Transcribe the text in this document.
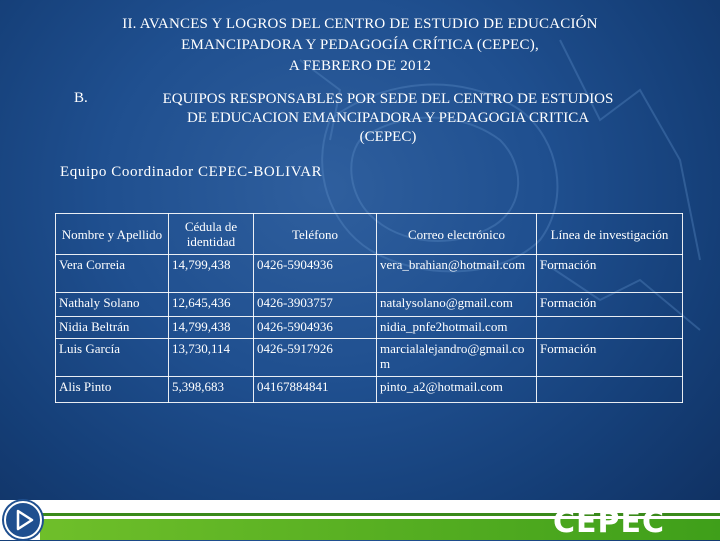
II. AVANCES Y LOGROS DEL CENTRO DE ESTUDIO DE EDUCACIÓN
EMANCIPADORA Y PEDAGOGÍA CRÍTICA (CEPEC),
A FEBRERO DE 2012
B.	EQUIPOS RESPONSABLES POR SEDE DEL CENTRO DE ESTUDIOS
DE EDUCACION EMANCIPADORA Y PEDAGOGIA CRITICA
(CEPEC)
Equipo Coordinador CEPEC-BOLIVAR
Nombre y Apellido	Cédula de identidad	Teléfono	Correo electrónico	Línea de investigación
Vera Correia	14,799,438	0426-5904936	vera_brahian@hotmail.com	Formación
Nathaly Solano	12,645,436	0426-3903757	natalysolano@gmail.com	Formación
Nidia Beltrán	14,799,438	0426-5904936	nidia_pnfe2hotmail.com	
Luis García	13,730,114	0426-5917926	marcialalejandro@gmail.com	Formación
Alis Pinto	5,398,683	04167884841	pinto_a2@hotmail.com	
CEPEC
